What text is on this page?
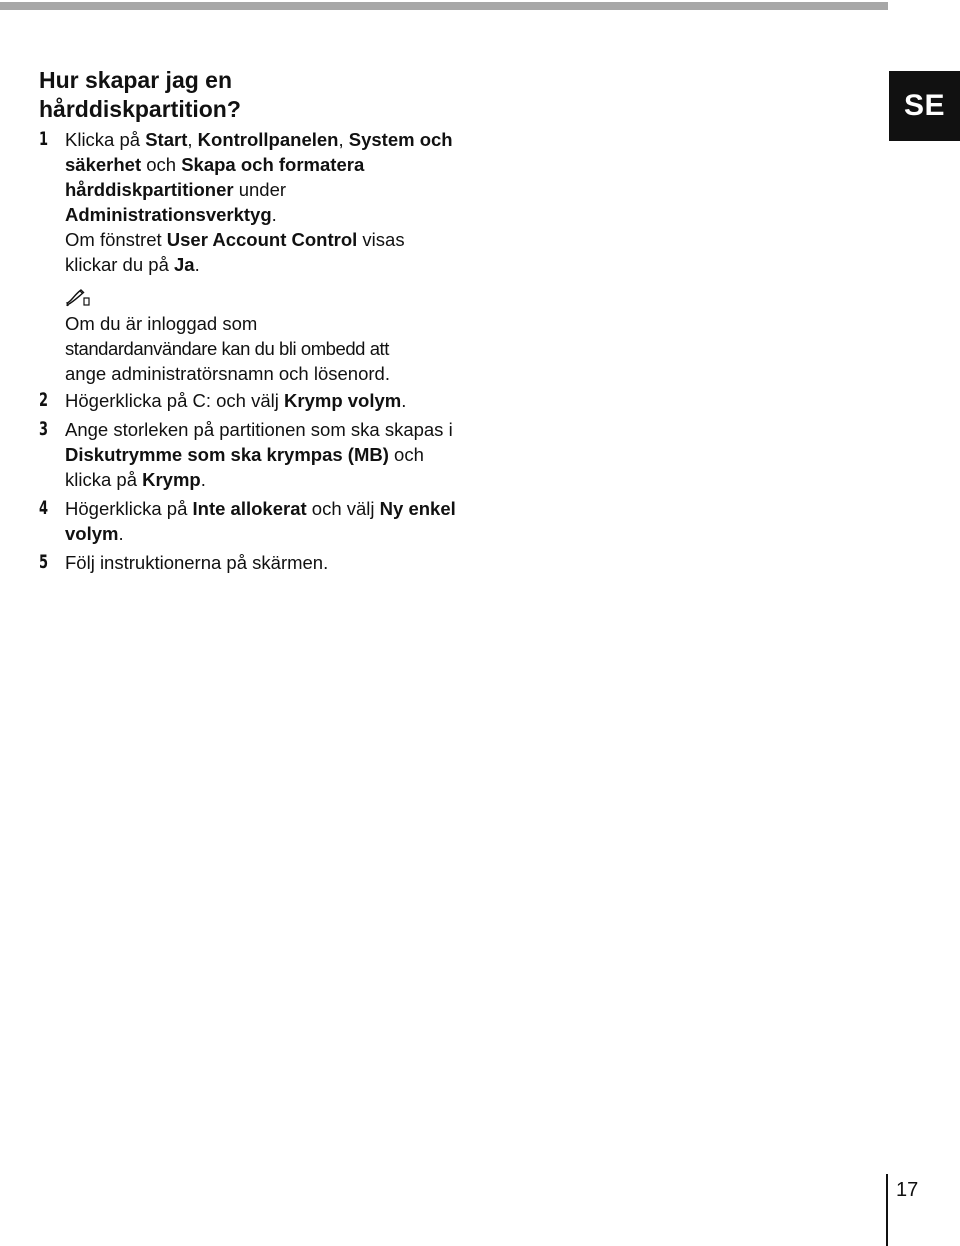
SE
Hur skapar jag en
hårddiskpartition?
1 Klicka på Start, Kontrollpanelen, System och säkerhet och Skapa och formatera hårddiskpartitioner under Administrationsverktyg.

Om fönstret User Account Control visas klickar du på Ja.

Om du är inloggad som

standardanvändare kan du bli ombedd att

ange administratörsnamn och lösenord.

2 Högerklicka på C: och välj Krymp volym.

3 Ange storleken på partitionen som ska skapas i Diskutrymme som ska krympas (MB) och klicka på Krymp.

4 Högerklicka på Inte allokerat och välj Ny enkel volym.

5 Följ instruktionerna på skärmen.

17
